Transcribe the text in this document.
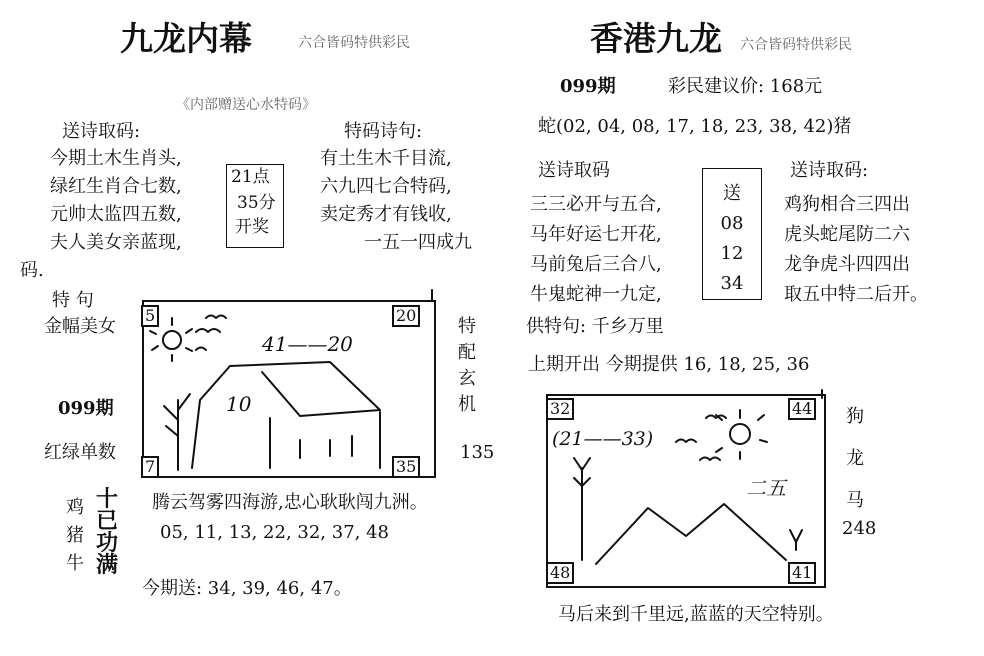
九龙内幕	六合皆码特供彩民
《内部赠送心水特码》
送诗取码:	特码诗句:
今期土木生肖头,
绿红生肖合七数,
元帅太监四五数,
夫人美女亲蓝现,
21点
35分
开奖
有土生木千目流,
六九四七合特码,
卖定秀才有钱收,
一五一四成九
码.
特 句
金幅美女
099期
红绿单数
5	20
7	35
41——20
10
特
配
玄
机
135
鸡
猪
牛
十
已
功
满
腾云驾雾四海游,忠心耿耿闯九洲。
05, 11, 13, 22, 32, 37, 48
今期送: 34, 39, 46, 47。
香港九龙 六合皆码特供彩民
099期	彩民建议价: 168元
蛇(02, 04, 08, 17, 18, 23, 38, 42)猪
送诗取码	送诗取码:
三三必开与五合,
马年好运七开花,
马前兔后三合八,
牛鬼蛇神一九定,
送
08
12
34
鸡狗相合三四出
虎头蛇尾防二六
龙争虎斗四四出
取五中特二后开。
供特句: 千乡万里
上期开出 今期提供 16, 18, 25, 36
32	44
48	41
(21——33)
二五
狗
龙
马
248
马后来到千里远,蓝蓝的天空特别。
